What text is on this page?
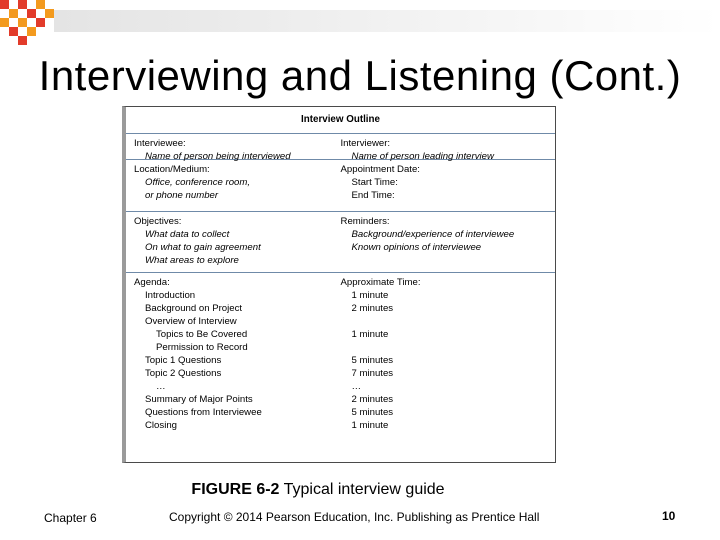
Interviewing and Listening (Cont.)
Interview Outline
Interviewee:
Name of person being interviewed
Interviewer:
Name of person leading interview
Location/Medium:
Office, conference room,
or phone number
Appointment Date:
Start Time:
End Time:
Objectives:
What data to collect
On what to gain agreement
What areas to explore
Reminders:
Background/experience of interviewee
Known opinions of interviewee
Agenda:
Introduction
Background on Project
Overview of Interview
Topics to Be Covered
Permission to Record
Topic 1 Questions
Topic 2 Questions
…
Summary of Major Points
Questions from Interviewee
Closing
Approximate Time:
1 minute
2 minutes
1 minute
5 minutes
7 minutes
…
2 minutes
5 minutes
1 minute
FIGURE 6-2 Typical interview guide
Chapter 6	Copyright © 2014 Pearson Education, Inc. Publishing as Prentice Hall	10
